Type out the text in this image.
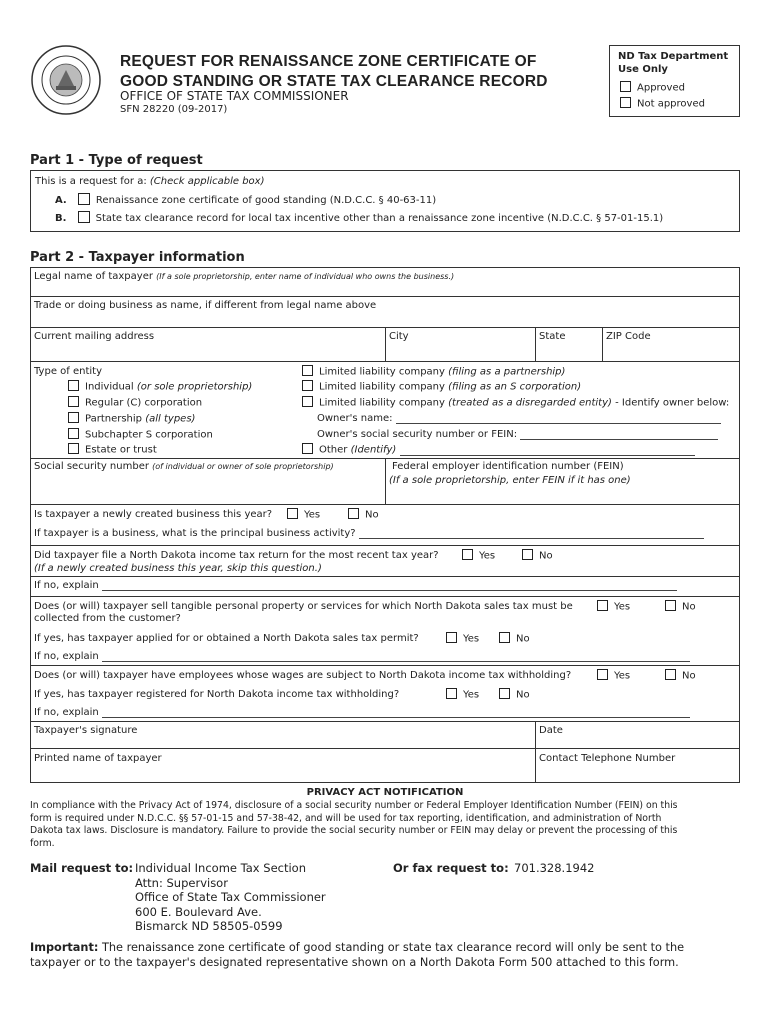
REQUEST FOR RENAISSANCE ZONE CERTIFICATE OF
GOOD STANDING OR STATE TAX CLEARANCE RECORD
OFFICE OF STATE TAX COMMISSIONER
SFN 28220 (09-2017)
ND Tax Department Use Only
Approved
Not approved
Part 1 - Type of request
This is a request for a: (Check applicable box)
A.	Renaissance zone certificate of good standing (N.D.C.C. § 40-63-11)
B.	State tax clearance record for local tax incentive other than a renaissance zone incentive (N.D.C.C. § 57-01-15.1)
Part 2 - Taxpayer information
Legal name of taxpayer (If a sole proprietorship, enter name of individual who owns the business.)
Trade or doing business as name, if different from legal name above
Current mailing address	City	State	ZIP Code
Type of entity
Individual (or sole proprietorship)
Regular (C) corporation
Partnership (all types)
Subchapter S corporation
Estate or trust
Limited liability company (filing as a partnership)
Limited liability company (filing as an S corporation)
Limited liability company (treated as a disregarded entity) - Identify owner below:
Owner's name:
Owner's social security number or FEIN:
Other (Identify)
Social security number (of individual or owner of sole proprietorship)	Federal employer identification number (FEIN)
(If a sole proprietorship, enter FEIN if it has one)
Is taxpayer a newly created business this year?	Yes	No
If taxpayer is a business, what is the principal business activity?
Did taxpayer file a North Dakota income tax return for the most recent tax year?	Yes	No
(If a newly created business this year, skip this question.)
If no, explain
Does (or will) taxpayer sell tangible personal property or services for which North Dakota sales tax must be
collected from the customer?
Yes	No
If yes, has taxpayer applied for or obtained a North Dakota sales tax permit?	Yes	No
If no, explain
Does (or will) taxpayer have employees whose wages are subject to North Dakota income tax withholding?	Yes	No
If yes, has taxpayer registered for North Dakota income tax withholding?	Yes	No
If no, explain
Taxpayer's signature	Date
Printed name of taxpayer	Contact Telephone Number
PRIVACY ACT NOTIFICATION
In compliance with the Privacy Act of 1974, disclosure of a social security number or Federal Employer Identification Number (FEIN) on this
form is required under N.D.C.C. §§ 57-01-15 and 57-38-42, and will be used for tax reporting, identification, and administration of North
Dakota tax laws. Disclosure is mandatory. Failure to provide the social security number or FEIN may delay or prevent the processing of this
form.
Mail request to: Individual Income Tax Section
Attn: Supervisor
Office of State Tax Commissioner
600 E. Boulevard Ave.
Bismarck ND 58505-0599
Or fax request to: 701.328.1942
Important: The renaissance zone certificate of good standing or state tax clearance record will only be sent to the
taxpayer or to the taxpayer's designated representative shown on a North Dakota Form 500 attached to this form.
